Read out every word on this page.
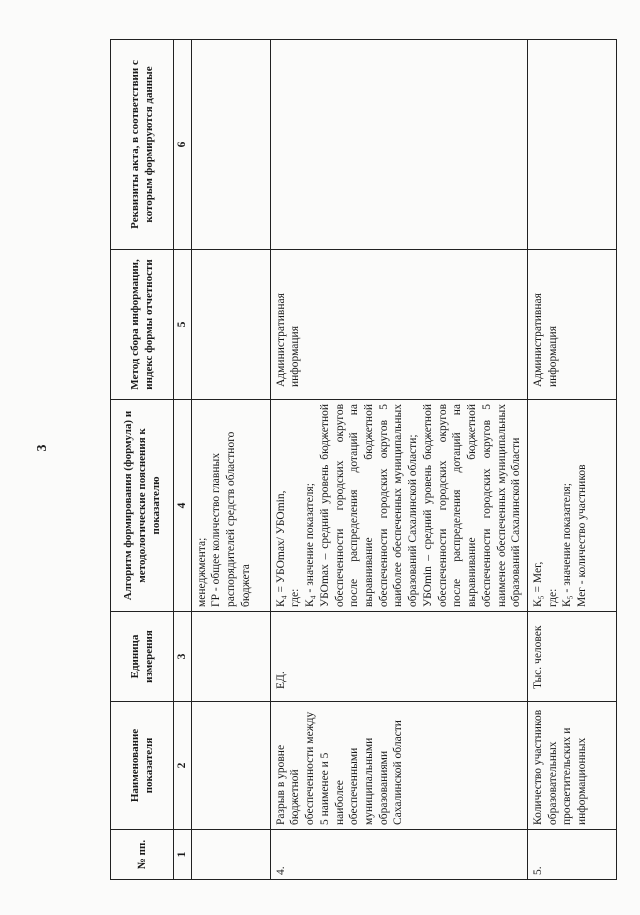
3
№ пп.	Наименование показателя	Единица измерения	Алгоритм формирования (формула) и методологические пояснения к показателю	Метод сбора информации, индекс формы отчетности	Реквизиты акта, в соответствии с которым формируются данные
1	2	3	4	5	6
			менеджмента;
ГР - общее количество главных распорядителей средств областного бюджета		
4.	Разрыв в уровне бюджетной обеспеченности между 5 наименее и 5 наиболее обеспеченными муниципальными образованиями Сахалинской области	ЕД.	К₄ = УБОmax/ УБОmin,
где:
К₄ - значение показателя;
УБОmax – средний уровень бюджетной обеспеченности городских округов после распределения дотаций на выравнивание бюджетной обеспеченности городских округов 5 наиболее обеспеченных муниципальных образований Сахалинской области;
УБОmin – средний уровень бюджетной обеспеченности городских округов после распределения дотаций на выравнивание бюджетной обеспеченности городских округов 5 наименее обеспеченных муниципальных образований Сахалинской области	Административная информация	
5.	Количество участников образовательных просветительских и информационных	Тыс. человек	К₅ = Мег,
где:
К₅ - значение показателя;
Мег - количество участников	Административная информация	
